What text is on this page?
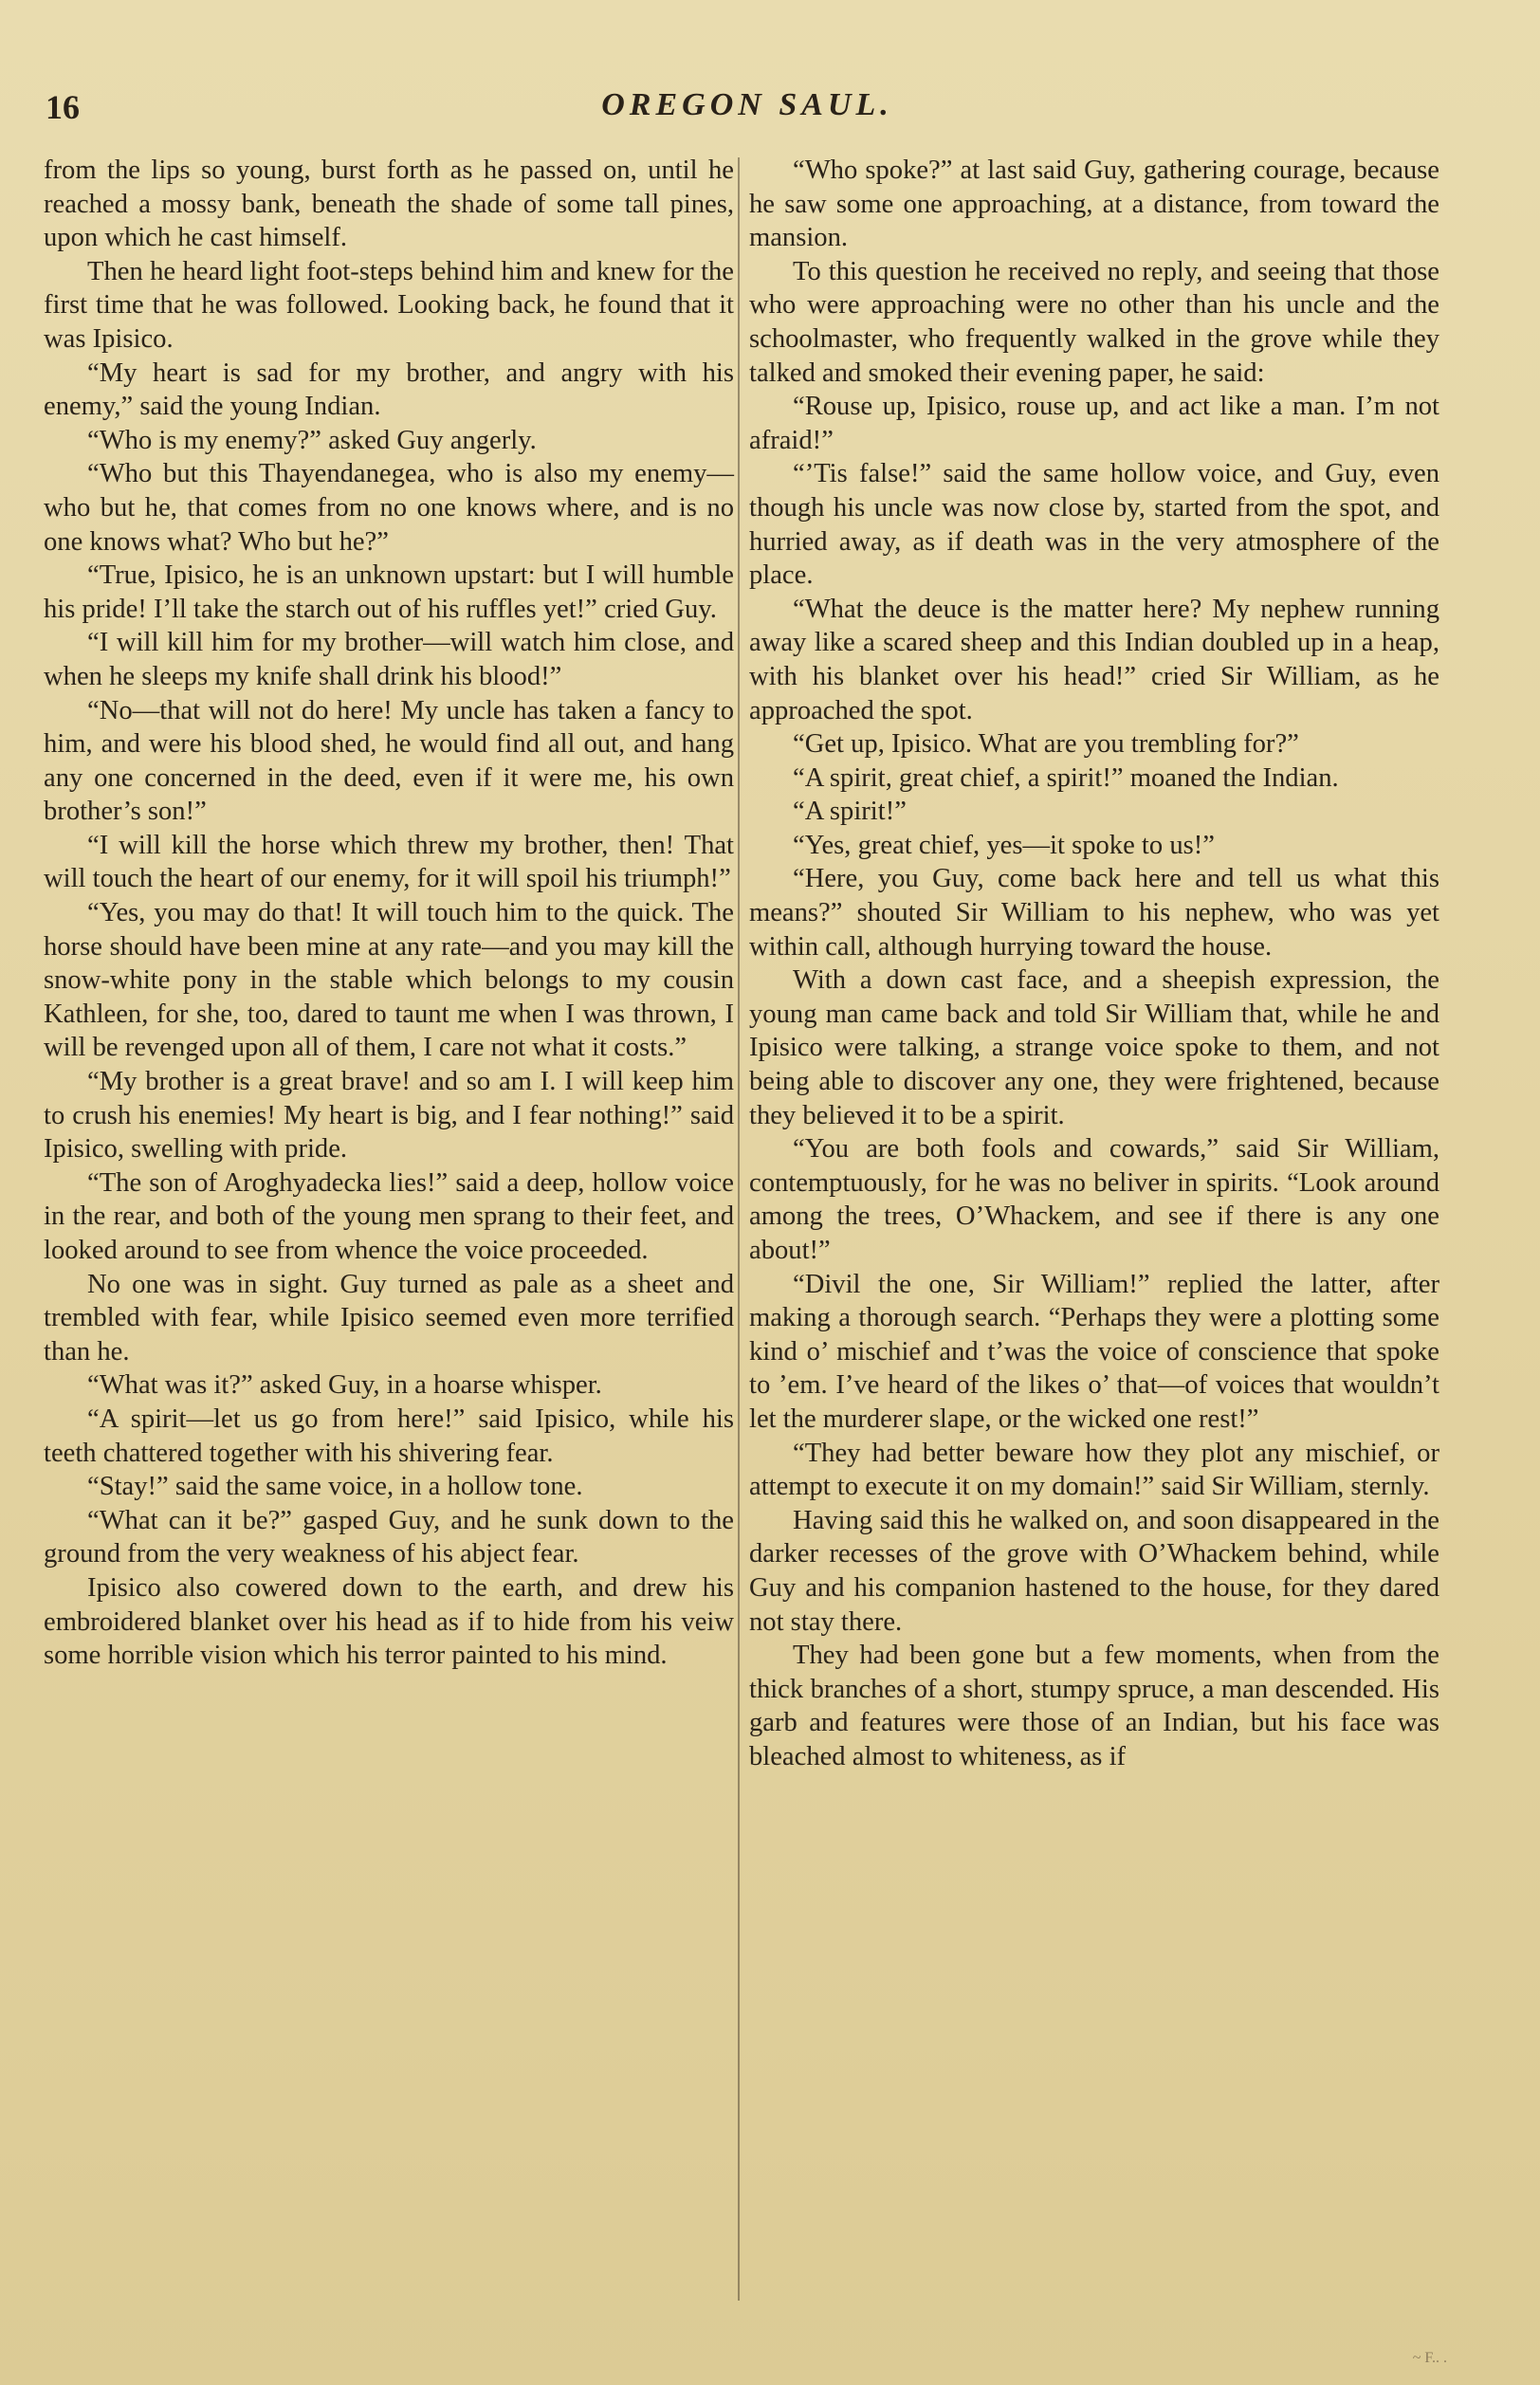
16	OREGON SAUL.

from the lips so young, burst forth as he passed on, until he reached a mossy bank, beneath the shade of some tall pines, upon which he cast himself.

Then he heard light foot-steps behind him and knew for the first time that he was followed. Looking back, he found that it was Ipisico.

“My heart is sad for my brother, and angry with his enemy,” said the young Indian.

“Who is my enemy?” asked Guy angerly.

“Who but this Thayendanegea, who is also my enemy—who but he, that comes from no one knows where, and is no one knows what? Who but he?”

“True, Ipisico, he is an unknown upstart: but I will humble his pride! I’ll take the starch out of his ruffles yet!” cried Guy.

“I will kill him for my brother—will watch him close, and when he sleeps my knife shall drink his blood!”

“No—that will not do here! My uncle has taken a fancy to him, and were his blood shed, he would find all out, and hang any one concerned in the deed, even if it were me, his own brother’s son!”

“I will kill the horse which threw my brother, then! That will touch the heart of our enemy, for it will spoil his triumph!”

“Yes, you may do that! It will touch him to the quick. The horse should have been mine at any rate—and you may kill the snow-white pony in the stable which belongs to my cousin Kathleen, for she, too, dared to taunt me when I was thrown, I will be revenged upon all of them, I care not what it costs.”

“My brother is a great brave! and so am I. I will keep him to crush his enemies! My heart is big, and I fear nothing!” said Ipisico, swelling with pride.

“The son of Aroghyadecka lies!” said a deep, hollow voice in the rear, and both of the young men sprang to their feet, and looked around to see from whence the voice proceeded.

No one was in sight. Guy turned as pale as a sheet and trembled with fear, while Ipisico seemed even more terrified than he.

“What was it?” asked Guy, in a hoarse whisper.

“A spirit—let us go from here!” said Ipisico, while his teeth chattered together with his shivering fear.

“Stay!” said the same voice, in a hollow tone.

“What can it be?” gasped Guy, and he sunk down to the ground from the very weakness of his abject fear.

Ipisico also cowered down to the earth, and drew his embroidered blanket over his head as if to hide from his veiw some horrible vision which his terror painted to his mind.

“Who spoke?” at last said Guy, gathering courage, because he saw some one approaching, at a distance, from toward the mansion.

To this question he received no reply, and seeing that those who were approaching were no other than his uncle and the schoolmaster, who frequently walked in the grove while they talked and smoked their evening paper, he said:

“Rouse up, Ipisico, rouse up, and act like a man. I’m not afraid!”

“’Tis false!” said the same hollow voice, and Guy, even though his uncle was now close by, started from the spot, and hurried away, as if death was in the very atmosphere of the place.

“What the deuce is the matter here? My nephew running away like a scared sheep and this Indian doubled up in a heap, with his blanket over his head!” cried Sir William, as he approached the spot.

“Get up, Ipisico. What are you trembling for?”

“A spirit, great chief, a spirit!” moaned the Indian.

“A spirit!”

“Yes, great chief, yes—it spoke to us!”

“Here, you Guy, come back here and tell us what this means?” shouted Sir William to his nephew, who was yet within call, although hurrying toward the house.

With a down cast face, and a sheepish expression, the young man came back and told Sir William that, while he and Ipisico were talking, a strange voice spoke to them, and not being able to discover any one, they were frightened, because they believed it to be a spirit.

“You are both fools and cowards,” said Sir William, contemptuously, for he was no beliver in spirits. “Look around among the trees, O’Whackem, and see if there is any one about!”

“Divil the one, Sir William!” replied the latter, after making a thorough search. “Perhaps they were a plotting some kind o’ mischief and t’was the voice of conscience that spoke to ’em. I’ve heard of the likes o’ that—of voices that wouldn’t let the murderer slape, or the wicked one rest!”

“They had better beware how they plot any mischief, or attempt to execute it on my domain!” said Sir William, sternly.

Having said this he walked on, and soon disappeared in the darker recesses of the grove with O’Whackem behind, while Guy and his companion hastened to the house, for they dared not stay there.

They had been gone but a few moments, when from the thick branches of a short, stumpy spruce, a man descended. His garb and features were those of an Indian, but his face was bleached almost to whiteness, as if

~ F.. .
